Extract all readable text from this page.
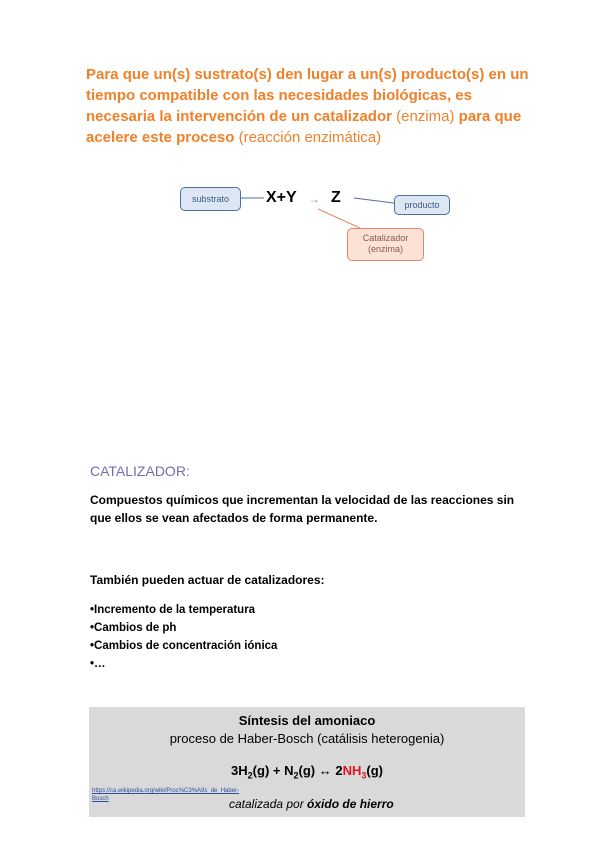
Para que un(s) sustrato(s) den lugar a un(s) producto(s) en un tiempo compatible con las necesidades biológicas, es necesaria la intervención de un catalizador (enzima) para que acelere este proceso (reacción enzimática)
substrato	X+Y → Z	producto
Catalizador
(enzima)
CATALIZADOR:
Compuestos químicos que incrementan la velocidad de las reacciones sin que ellos se vean afectados de forma permanente.
También pueden actuar de catalizadores:
• Incremento de la temperatura
• Cambios de ph
• Cambios de concentración iónica
• …
Síntesis del amoniaco
proceso de Haber-Bosch (catálisis heterogenia)
$3H_2(g) + N_2(g)$ ↔ $2NH_3(g)$
https://ca.wikipedia.org/wiki/Proc%C3%A9s_de_Haber-Bosch	catalizada por óxido de hierro
